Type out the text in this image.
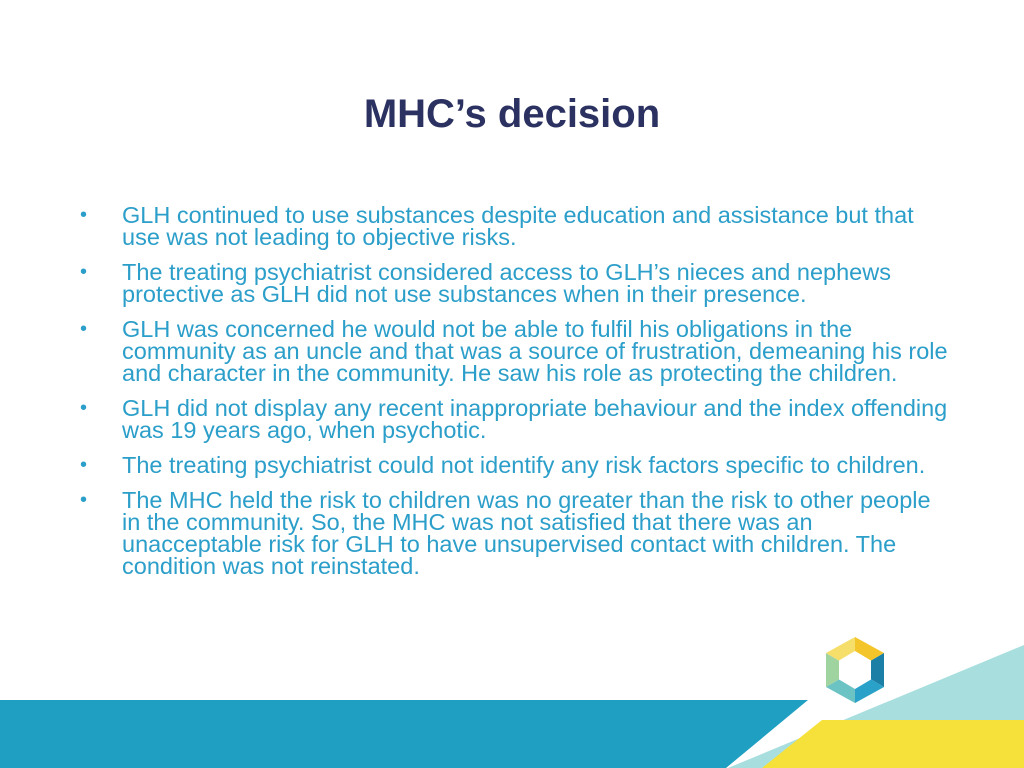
MHC’s decision
• GLH continued to use substances despite education and assistance but that use was not leading to objective risks.
• The treating psychiatrist considered access to GLH’s nieces and nephews protective as GLH did not use substances when in their presence.
• GLH was concerned he would not be able to fulfil his obligations in the community as an uncle and that was a source of frustration, demeaning his role and character in the community. He saw his role as protecting the children.
• GLH did not display any recent inappropriate behaviour and the index offending was 19 years ago, when psychotic.
• The treating psychiatrist could not identify any risk factors specific to children.
• The MHC held the risk to children was no greater than the risk to other people in the community. So, the MHC was not satisfied that there was an unacceptable risk for GLH to have unsupervised contact with children. The condition was not reinstated.
